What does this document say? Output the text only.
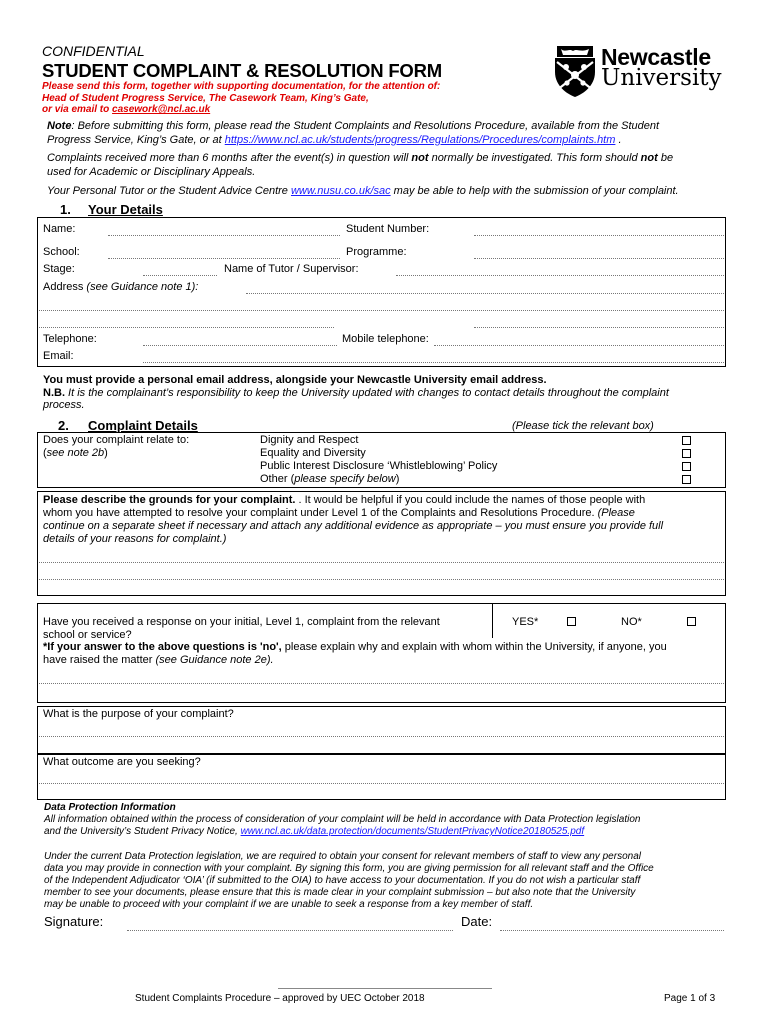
CONFIDENTIAL
STUDENT COMPLAINT & RESOLUTION FORM
Please send this form, together with supporting documentation, for the attention of:
Head of Student Progress Service, The Casework Team, King’s Gate,
or via email to casework@ncl.ac.uk
Newcastle
University
Note: Before submitting this form, please read the Student Complaints and Resolutions Procedure, available from the Student
Progress Service, King’s Gate, or at https://www.ncl.ac.uk/students/progress/Regulations/Procedures/complaints.htm .
Complaints received more than 6 months after the event(s) in question will not normally be investigated. This form should not be
used for Academic or Disciplinary Appeals.
Your Personal Tutor or the Student Advice Centre www.nusu.co.uk/sac may be able to help with the submission of your complaint.
1. Your Details
Name:	Student Number:
School:	Programme:
Stage:	Name of Tutor / Supervisor:
Address (see Guidance note 1):
Telephone:	Mobile telephone:
Email:
You must provide a personal email address, alongside your Newcastle University email address.
N.B. It is the complainant’s responsibility to keep the University updated with changes to contact details throughout the complaint
process.
2. Complaint Details	(Please tick the relevant box)
Does your complaint relate to:
(see note 2b)
Dignity and Respect
Equality and Diversity
Public Interest Disclosure ‘Whistleblowing’ Policy
Other (please specify below)
Please describe the grounds for your complaint. . It would be helpful if you could include the names of those people with
whom you have attempted to resolve your complaint under Level 1 of the Complaints and Resolutions Procedure. (Please
continue on a separate sheet if necessary and attach any additional evidence as appropriate – you must ensure you provide full
details of your reasons for complaint.)
Have you received a response on your initial, Level 1, complaint from the relevant
school or service?
YES*	NO*
*If your answer to the above questions is 'no', please explain why and explain with whom within the University, if anyone, you
have raised the matter (see Guidance note 2e).
What is the purpose of your complaint?
What outcome are you seeking?
Data Protection Information
All information obtained within the process of consideration of your complaint will be held in accordance with Data Protection legislation
and the University’s Student Privacy Notice, www.ncl.ac.uk/data.protection/documents/StudentPrivacyNotice20180525.pdf
Under the current Data Protection legislation, we are required to obtain your consent for relevant members of staff to view any personal
data you may provide in connection with your complaint. By signing this form, you are giving permission for all relevant staff and the Office
of the Independent Adjudicator ‘OIA’ (if submitted to the OIA) to have access to your documentation. If you do not wish a particular staff
member to see your documents, please ensure that this is made clear in your complaint submission – but also note that the University
may be unable to proceed with your complaint if we are unable to seek a response from a key member of staff.
Signature:	Date:
Student Complaints Procedure – approved by UEC October 2018	Page 1 of 3
